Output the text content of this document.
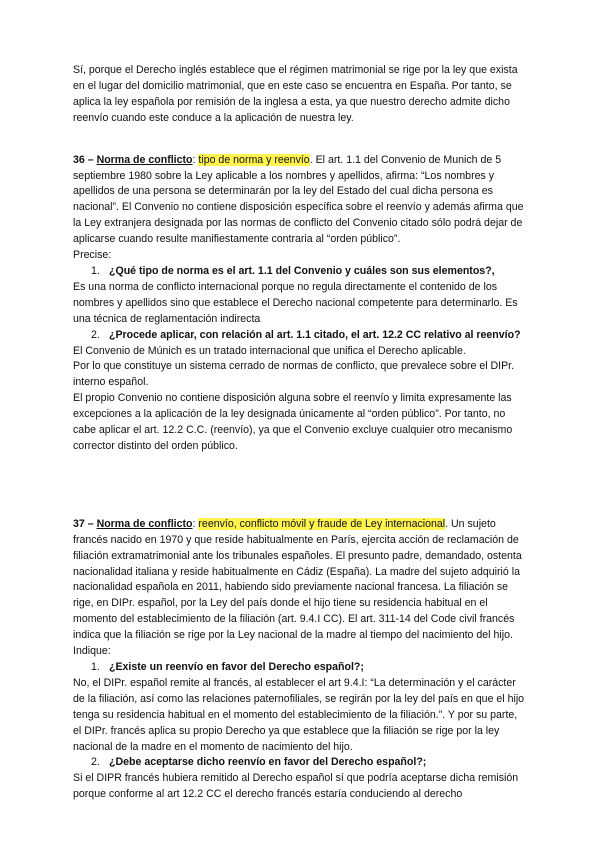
Sí, porque el Derecho inglés establece que el régimen matrimonial se rige por la ley que exista en el lugar del domicilio matrimonial, que en este caso se encuentra en España. Por tanto, se aplica la ley española por remisión de la inglesa a esta, ya que nuestro derecho admite dicho reenvío cuando este conduce a la aplicación de nuestra ley.

36 – Norma de conflicto: tipo de norma y reenvío. El art. 1.1 del Convenio de Munich de 5 septiembre 1980 sobre la Ley aplicable a los nombres y apellidos, afirma: “Los nombres y apellidos de una persona se determinarán por la ley del Estado del cual dicha persona es nacional”. El Convenio no contiene disposición específica sobre el reenvío y además afirma que la Ley extranjera designada por las normas de conflicto del Convenio citado sólo podrá dejar de aplicarse cuando resulte manifiestamente contraria al “orden público”.

Precise:

1. ¿Qué tipo de norma es el art. 1.1 del Convenio y cuáles son sus elementos?,

Es una norma de conflicto internacional porque no regula directamente el contenido de los nombres y apellidos sino que establece el Derecho nacional competente para determinarlo. Es una técnica de reglamentación indirecta

2. ¿Procede aplicar, con relación al art. 1.1 citado, el art. 12.2 CC relativo al reenvío?

El Convenio de Múnich es un tratado internacional que unifica el Derecho aplicable.

Por lo que constituye un sistema cerrado de normas de conflicto, que prevalece sobre el DIPr. interno español.

El propio Convenio no contiene disposición alguna sobre el reenvío y limita expresamente las excepciones a la aplicación de la ley designada únicamente al “orden público”. Por tanto, no cabe aplicar el art. 12.2 C.C. (reenvío), ya que el Convenio excluye cualquier otro mecanismo corrector distinto del orden público.

37 – Norma de conflicto: reenvío, conflicto móvil y fraude de Ley internacional. Un sujeto francés nacido en 1970 y que reside habitualmente en París, ejercita acción de reclamación de filiación extramatrimonial ante los tribunales españoles. El presunto padre, demandado, ostenta nacionalidad italiana y reside habitualmente en Cádiz (España). La madre del sujeto adquirió la nacionalidad española en 2011, habiendo sido previamente nacional francesa. La filiación se rige, en DIPr. español, por la Ley del país donde el hijo tiene su residencia habitual en el momento del establecimiento de la filiación (art. 9.4.I CC). El art. 311-14 del Code civil francés indica que la filiación se rige por la Ley nacional de la madre al tiempo del nacimiento del hijo.

Indique:

1. ¿Existe un reenvío en favor del Derecho español?;

No, el DIPr. español remite al francés, al establecer el art 9.4.I: “La determinación y el carácter de la filiación, así como las relaciones paternofiliales, se regirán por la ley del país en que el hijo tenga su residencia habitual en el momento del establecimiento de la filiación.”. Y por su parte, el DIPr. francés aplica su propio Derecho ya que establece que la filiación se rige por la ley nacional de la madre en el momento de nacimiento del hijo.

2. ¿Debe aceptarse dicho reenvío en favor del Derecho español?;

Si el DIPR francés hubiera remitido al Derecho español sí que podría aceptarse dicha remisión porque conforme al art 12.2 CC el derecho francés estaría conduciendo al derecho
